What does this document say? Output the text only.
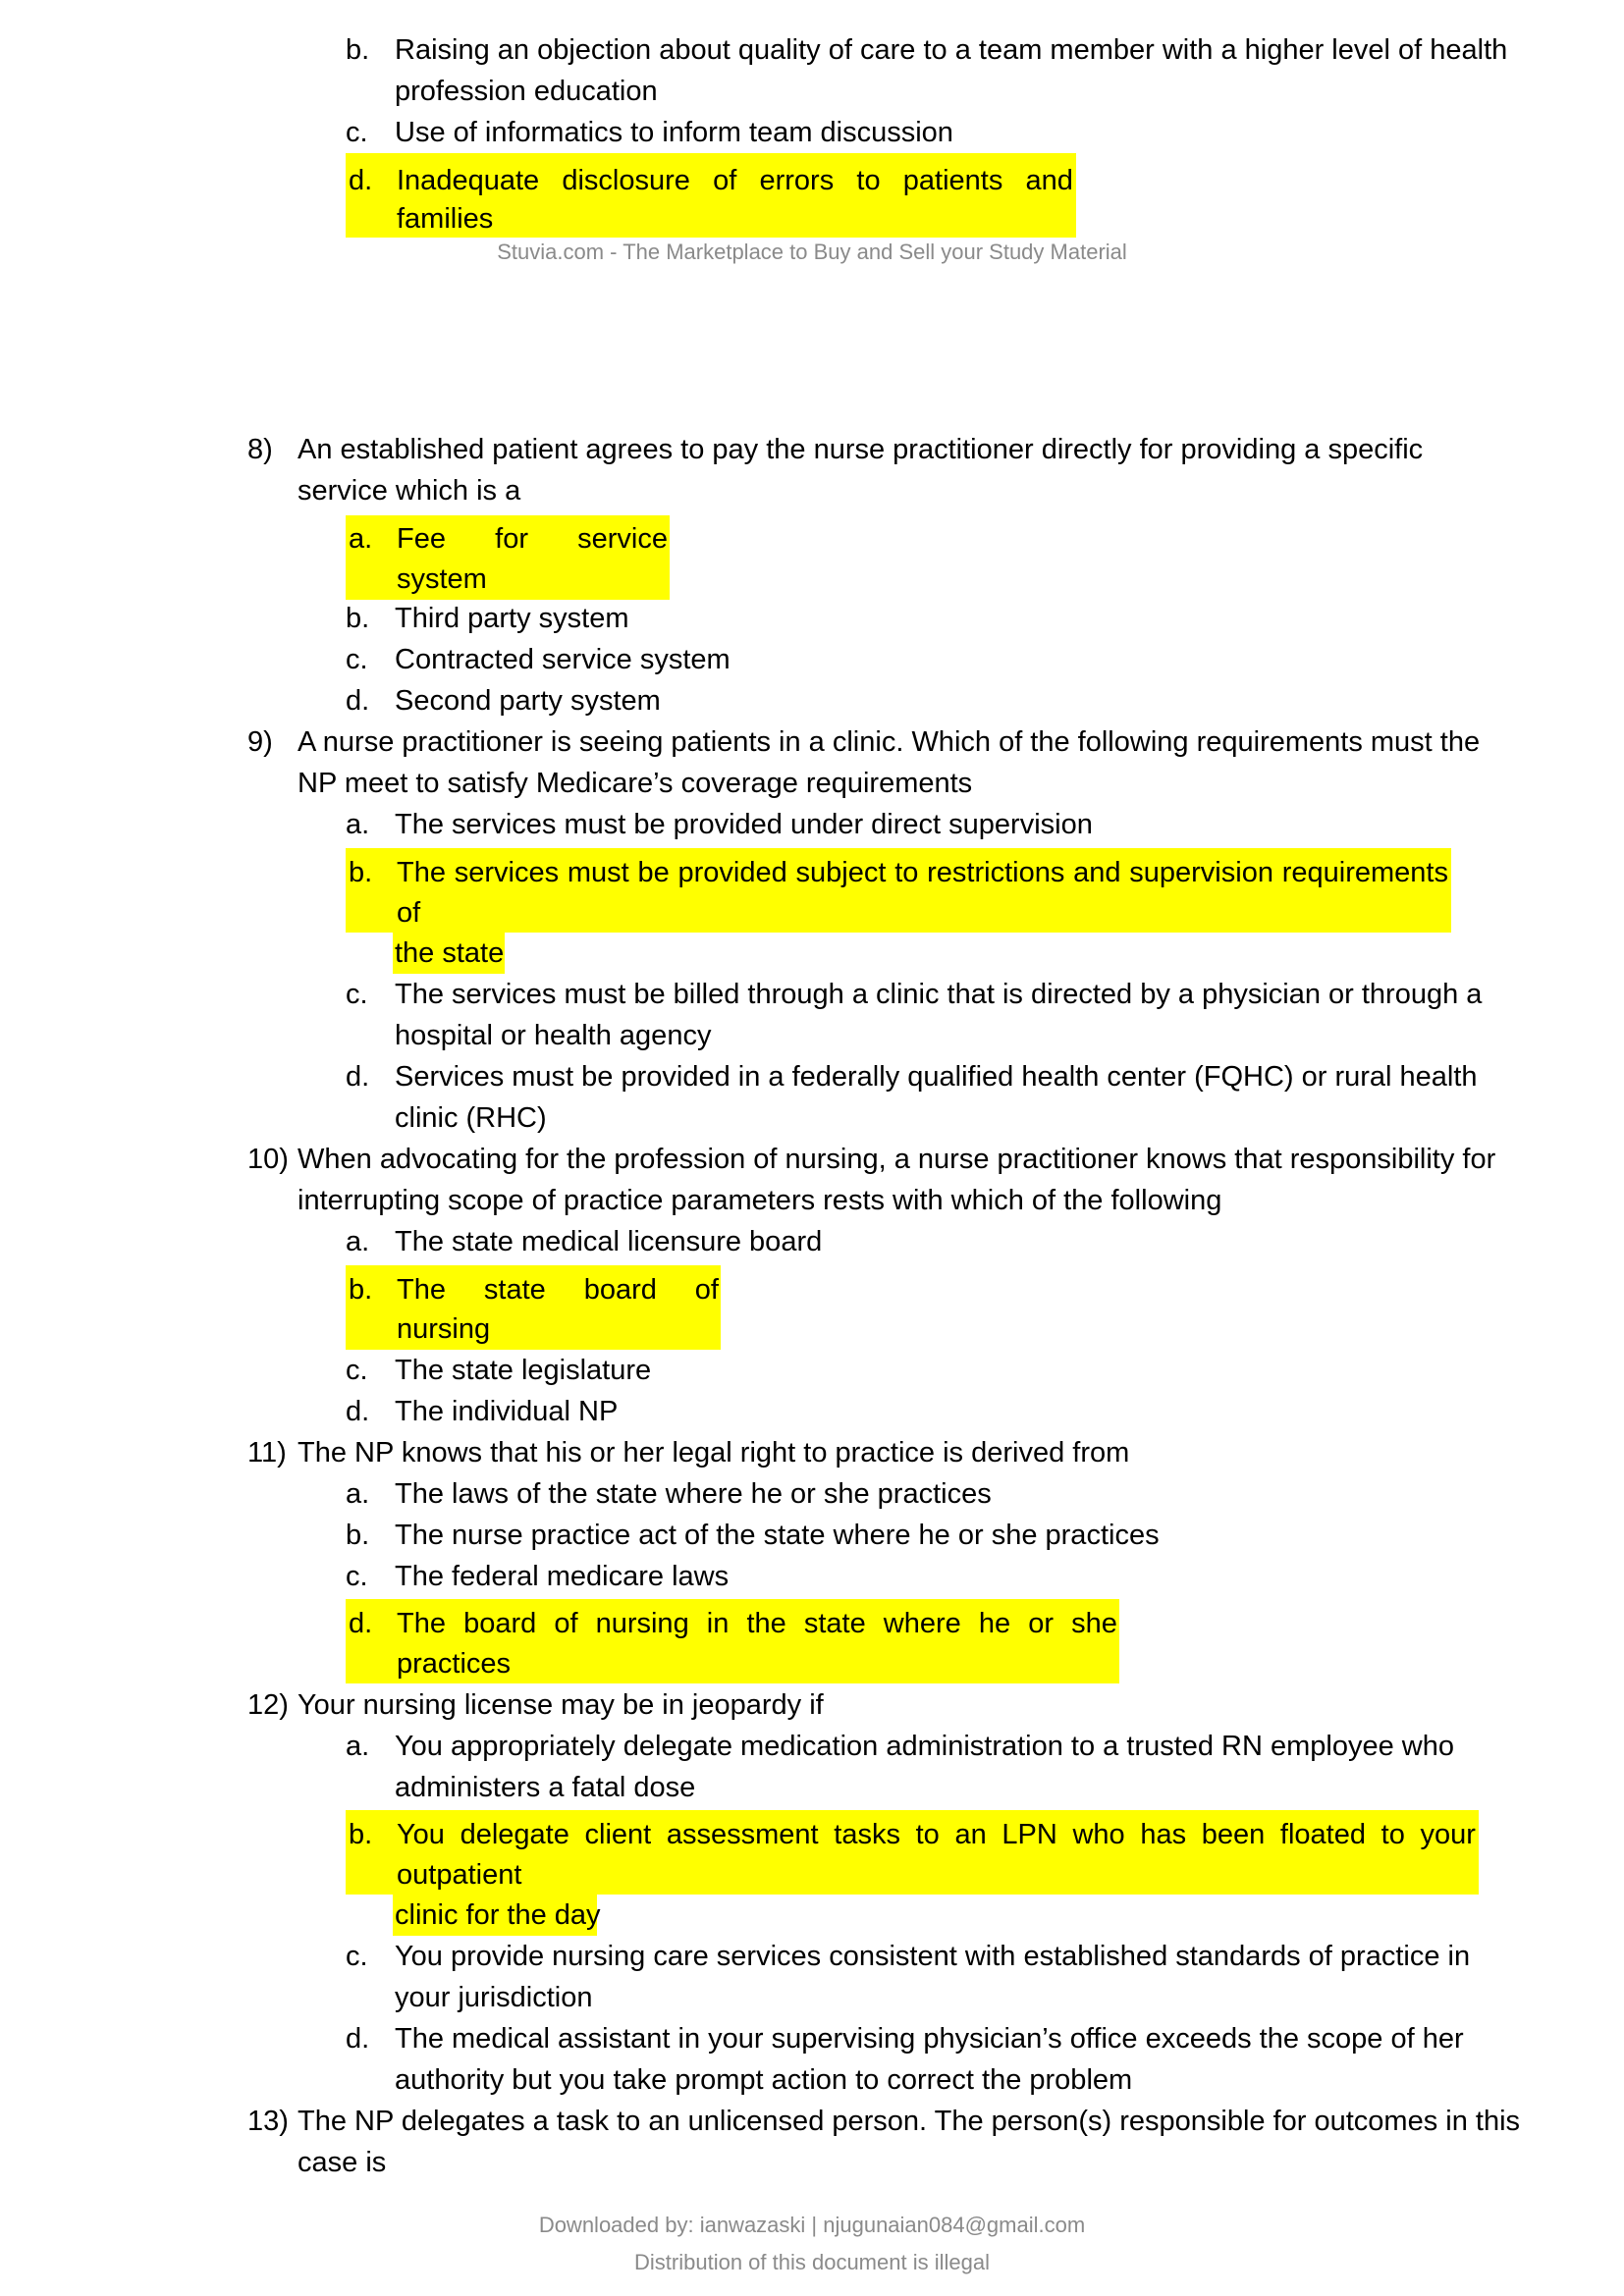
b. Raising an objection about quality of care to a team member with a higher level of health
profession education
c. Use of informatics to inform team discussion
d. Inadequate disclosure of errors to patients and
families
Stuvia.com - The Marketplace to Buy and Sell your Study Material
8) An established patient agrees to pay the nurse practitioner directly for providing a specific
service which is a
a. Fee for service
system
b. Third party system
c. Contracted service system
d. Second party system
9) A nurse practitioner is seeing patients in a clinic. Which of the following requirements must the
NP meet to satisfy Medicare’s coverage requirements
a. The services must be provided under direct supervision
b. The services must be provided subject to restrictions and supervision requirements
of
the state
c. The services must be billed through a clinic that is directed by a physician or through a
hospital or health agency
d. Services must be provided in a federally qualified health center (FQHC) or rural health
clinic (RHC)
10) When advocating for the profession of nursing, a nurse practitioner knows that responsibility for
interrupting scope of practice parameters rests with which of the following
a. The state medical licensure board
b. The state board of
nursing
c. The state legislature
d. The individual NP
11) The NP knows that his or her legal right to practice is derived from
a. The laws of the state where he or she practices
b. The nurse practice act of the state where he or she practices
c. The federal medicare laws
d. The board of nursing in the state where he or she
practices
12) Your nursing license may be in jeopardy if
a. You appropriately delegate medication administration to a trusted RN employee who
administers a fatal dose
b. You delegate client assessment tasks to an LPN who has been floated to your
outpatient
clinic for the day
c. You provide nursing care services consistent with established standards of practice in
your jurisdiction
d. The medical assistant in your supervising physician’s office exceeds the scope of her
authority but you take prompt action to correct the problem
13) The NP delegates a task to an unlicensed person. The person(s) responsible for outcomes in this
case is
Downloaded by: ianwazaski | njugunaian084@gmail.com
Distribution of this document is illegal
